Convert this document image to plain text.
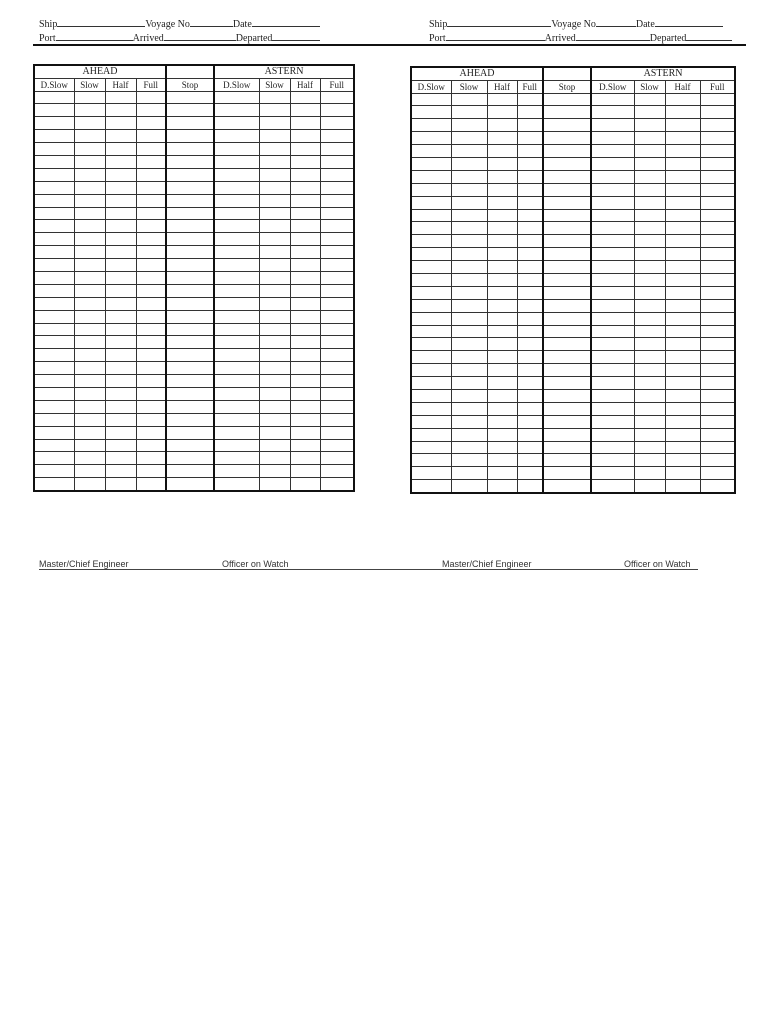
Ship	Voyage No	Date
Port	Arrived	Departed
Ship	Voyage No	Date
Port	Arrived	Departed
AHEAD					ASTERN			
D.Slow	Slow	Half	Full	Stop	D.Slow	Slow	Half	Full

AHEAD					ASTERN			
D.Slow	Slow	Half	Full	Stop	D.Slow	Slow	Half	Full

Master/Chief Engineer	Officer on Watch	Master/Chief Engineer	Officer on Watch
